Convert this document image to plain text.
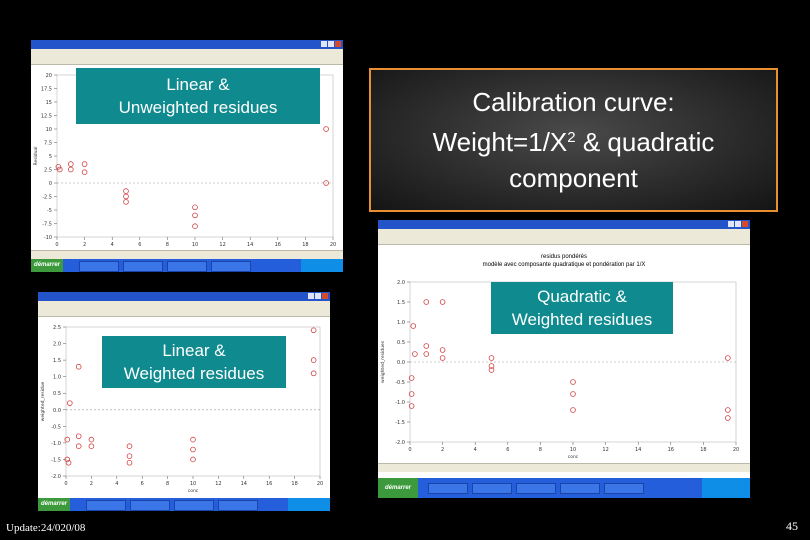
-10
-7.5
-5
-2.5
0
2.5
5
7.5
10
12.5
15
17.5
20
0	2	4	6	8	10	12	14	16	18	20
Residual
démarrer
Linear &
Unweighted residues
-2.0
-1.5
-1.0
-0.5
0.0
0.5
1.0
1.5
2.0
2.5
0	2	4	6	8	10	12	14	16	18	20
conc
weighted_residue
démarrer
Linear &
Weighted residues
residus pondérés
modèle avec composante quadratique et pondération par 1/X
-2.0
-1.5
-1.0
-0.5
0.0
0.5
1.0
1.5
2.0
0	2	4	6	8	10	12	14	16	18	20
conc
weighted_residues
démarrer
Quadratic &
Weighted residues
Calibration curve:
$Weight=1/X^2$ & quadratic
component
Update:24/020/08	45
